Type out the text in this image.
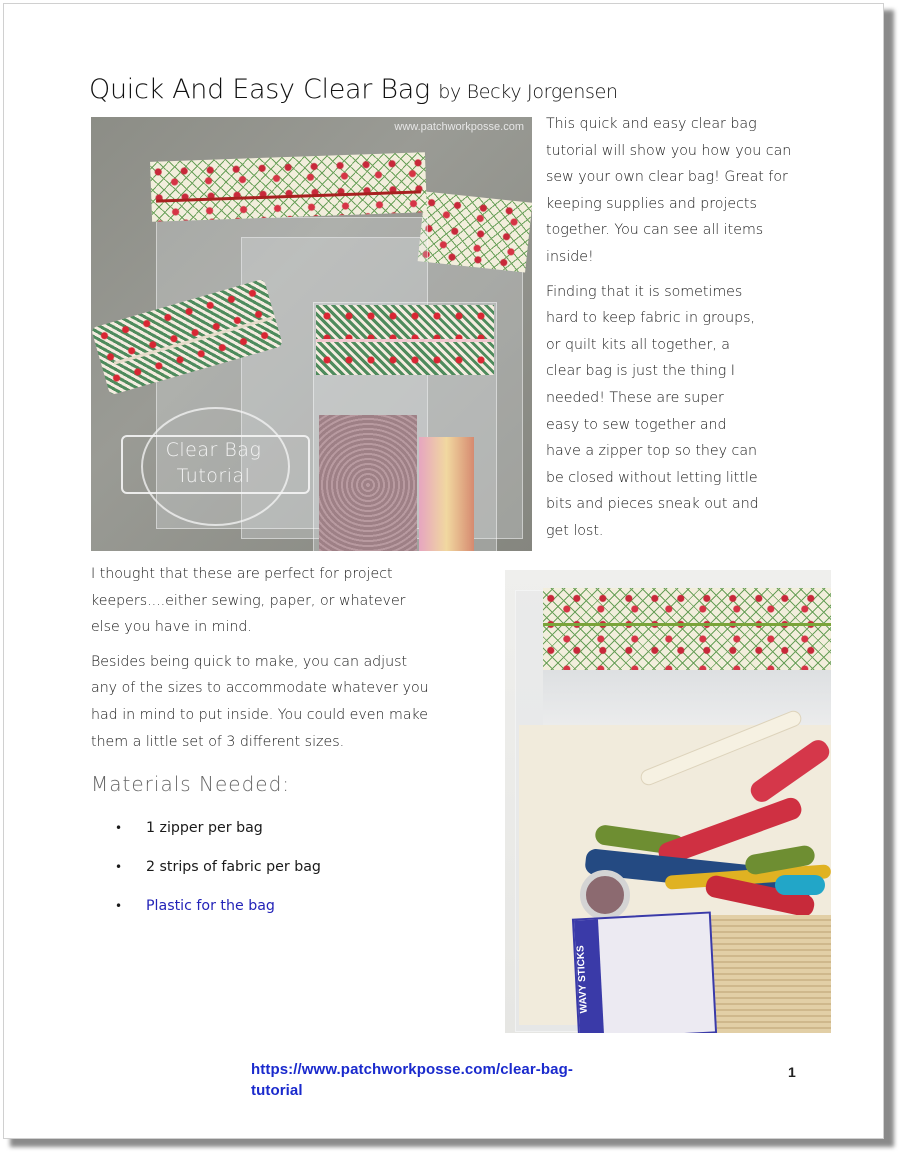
Quick And Easy Clear Bag by Becky Jorgensen
www.patchworkposse.com
Clear Bag
Tutorial

This quick and easy clear bag tutorial will show you how you can sew your own clear bag! Great for keeping supplies and projects together. You can see all items inside!

Finding that it is sometimes hard to keep fabric in groups, or quilt kits all together, a clear bag is just the thing I needed! These are super easy to sew together and have a zipper top so they can be closed without letting little bits and pieces sneak out and get lost.

I thought that these are perfect for project keepers....either sewing, paper, or whatever else you have in mind.

Besides being quick to make, you can adjust any of the sizes to accommodate whatever you had in mind to put inside. You could even make them a little set of 3 different sizes.

Materials Needed:
• 1 zipper per bag
• 2 strips of fabric per bag
• Plastic for the bag
WAVY STICKS
https://www.patchworkposse.com/clear-bag-tutorial
1
